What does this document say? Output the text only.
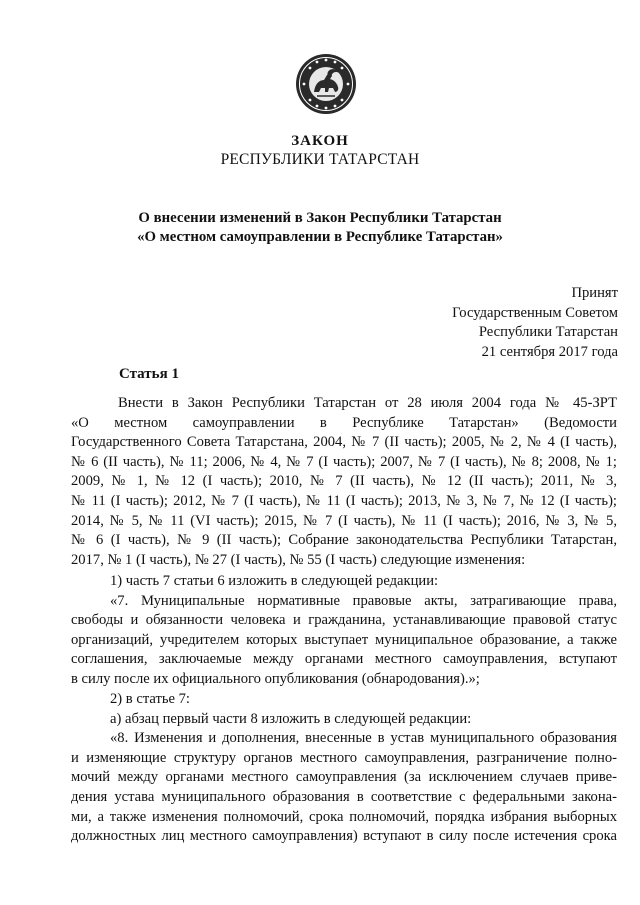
ЗАКОН
РЕСПУБЛИКИ ТАТАРСТАН
О внесении изменений в Закон Республики Татарстан
«О местном самоуправлении в Республике Татарстан»
Принят
Государственным Советом
Республики Татарстан
21 сентября 2017 года
Статья 1
Внести в Закон Республики Татарстан от 28 июля 2004 года № 45-ЗРТ
«О местном самоуправлении в Республике Татарстан» (Ведомости
Государственного Совета Татарстана, 2004, № 7 (II часть); 2005, № 2, № 4 (I часть),
№ 6 (II часть), № 11; 2006, № 4, № 7 (I часть); 2007, № 7 (I часть), № 8; 2008, № 1;
2009, № 1, № 12 (I часть); 2010, № 7 (II часть), № 12 (II часть); 2011, № 3,
№ 11 (I часть); 2012, № 7 (I часть), № 11 (I часть); 2013, № 3, № 7, № 12 (I часть);
2014, № 5, № 11 (VI часть); 2015, № 7 (I часть), № 11 (I часть); 2016, № 3, № 5,
№ 6 (I часть), № 9 (II часть); Собрание законодательства Республики Татарстан,
2017, № 1 (I часть), № 27 (I часть), № 55 (I часть) следующие изменения:
1) часть 7 статьи 6 изложить в следующей редакции:
«7. Муниципальные нормативные правовые акты, затрагивающие права,
свободы и обязанности человека и гражданина, устанавливающие правовой статус
организаций, учредителем которых выступает муниципальное образование, а также
соглашения, заключаемые между органами местного самоуправления, вступают
в силу после их официального опубликования (обнародования).»;
2) в статье 7:
а) абзац первый части 8 изложить в следующей редакции:
«8. Изменения и дополнения, внесенные в устав муниципального образования
и изменяющие структуру органов местного самоуправления, разграничение полно-
мочий между органами местного самоуправления (за исключением случаев приве-
дения устава муниципального образования в соответствие с федеральными закона-
ми, а также изменения полномочий, срока полномочий, порядка избрания выборных
должностных лиц местного самоуправления) вступают в силу после истечения срока
